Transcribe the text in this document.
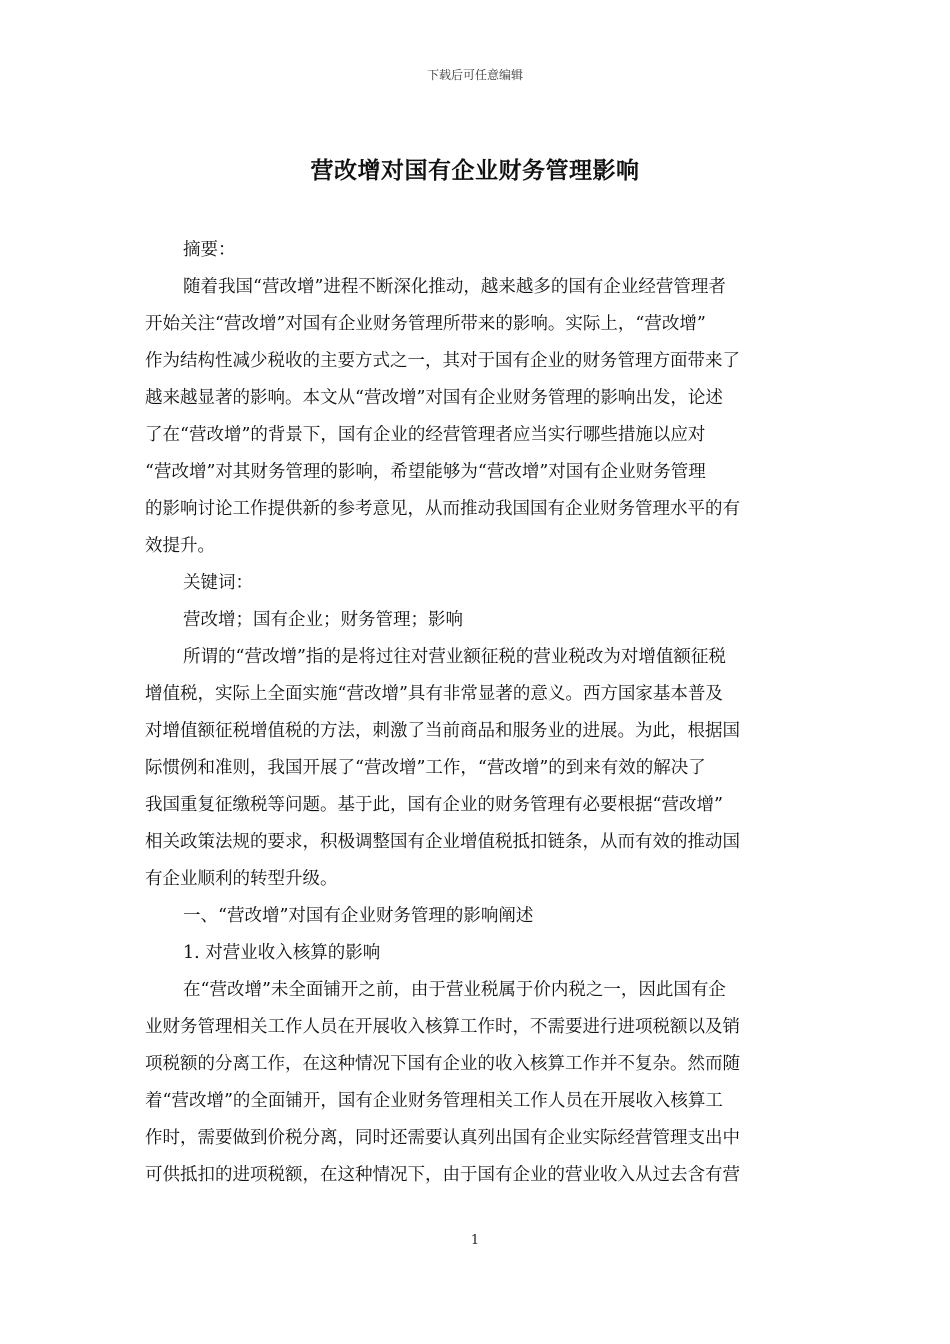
下载后可任意编辑
营改增对国有企业财务管理影响
摘要：
随着我国“营改增”进程不断深化推动，越来越多的国有企业经营管理者
开始关注“营改增”对国有企业财务管理所带来的影响。实际上，“营改增”
作为结构性减少税收的主要方式之一，其对于国有企业的财务管理方面带来了
越来越显著的影响。本文从“营改增”对国有企业财务管理的影响出发，论述
了在“营改增”的背景下，国有企业的经营管理者应当实行哪些措施以应对
“营改增”对其财务管理的影响，希望能够为“营改增”对国有企业财务管理
的影响讨论工作提供新的参考意见，从而推动我国国有企业财务管理水平的有
效提升。
关键词：
营改增；国有企业；财务管理；影响
所谓的“营改增”指的是将过往对营业额征税的营业税改为对增值额征税
增值税，实际上全面实施“营改增”具有非常显著的意义。西方国家基本普及
对增值额征税增值税的方法，刺激了当前商品和服务业的进展。为此，根据国
际惯例和准则，我国开展了“营改增”工作，“营改增”的到来有效的解决了
我国重复征缴税等问题。基于此，国有企业的财务管理有必要根据“营改增”
相关政策法规的要求，积极调整国有企业增值税抵扣链条，从而有效的推动国
有企业顺利的转型升级。
一、“营改增”对国有企业财务管理的影响阐述
1. 对营业收入核算的影响
在“营改增”未全面铺开之前，由于营业税属于价内税之一，因此国有企
业财务管理相关工作人员在开展收入核算工作时，不需要进行进项税额以及销
项税额的分离工作，在这种情况下国有企业的收入核算工作并不复杂。然而随
着“营改增”的全面铺开，国有企业财务管理相关工作人员在开展收入核算工
作时，需要做到价税分离，同时还需要认真列出国有企业实际经营管理支出中
可供抵扣的进项税额，在这种情况下，由于国有企业的营业收入从过去含有营
1
